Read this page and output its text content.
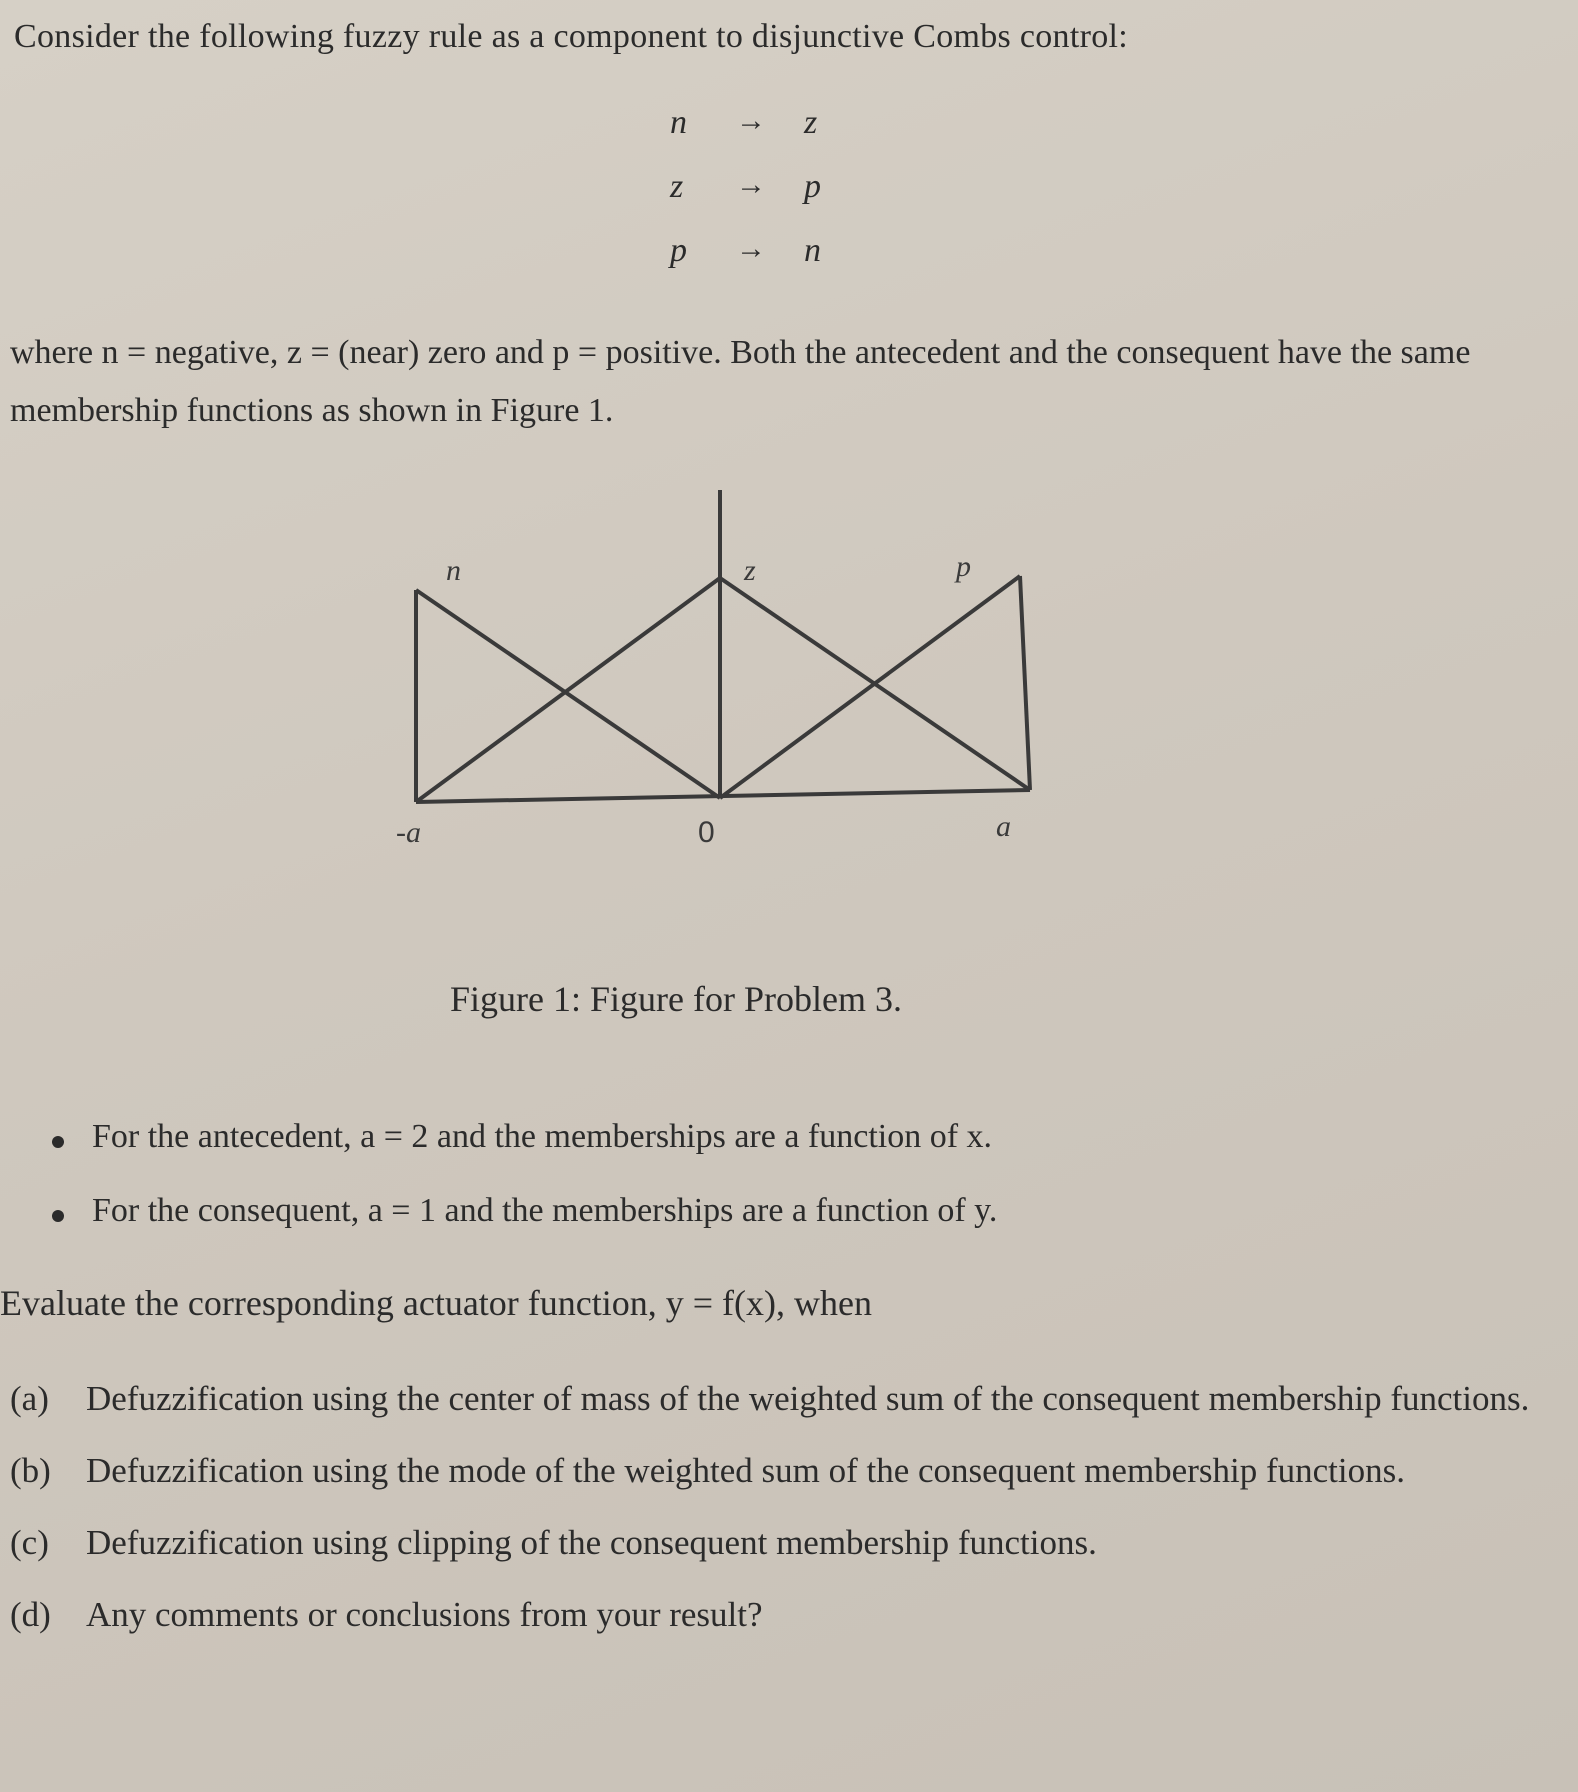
Consider the following fuzzy rule as a component to disjunctive Combs control:

n → z
z → p
p → n

where n = negative, z = (near) zero and p = positive. Both the antecedent and the consequent have the same membership functions as shown in Figure 1.

n	z	p
-a	a
0

Figure 1: Figure for Problem 3.

For the antecedent, a = 2 and the memberships are a function of x.
For the consequent, a = 1 and the memberships are a function of y.

Evaluate the corresponding actuator function, y = f(x), when

(a) Defuzzification using the center of mass of the weighted sum of the consequent membership functions.
(b) Defuzzification using the mode of the weighted sum of the consequent membership functions.
(c) Defuzzification using clipping of the consequent membership functions.
(d) Any comments or conclusions from your result?
